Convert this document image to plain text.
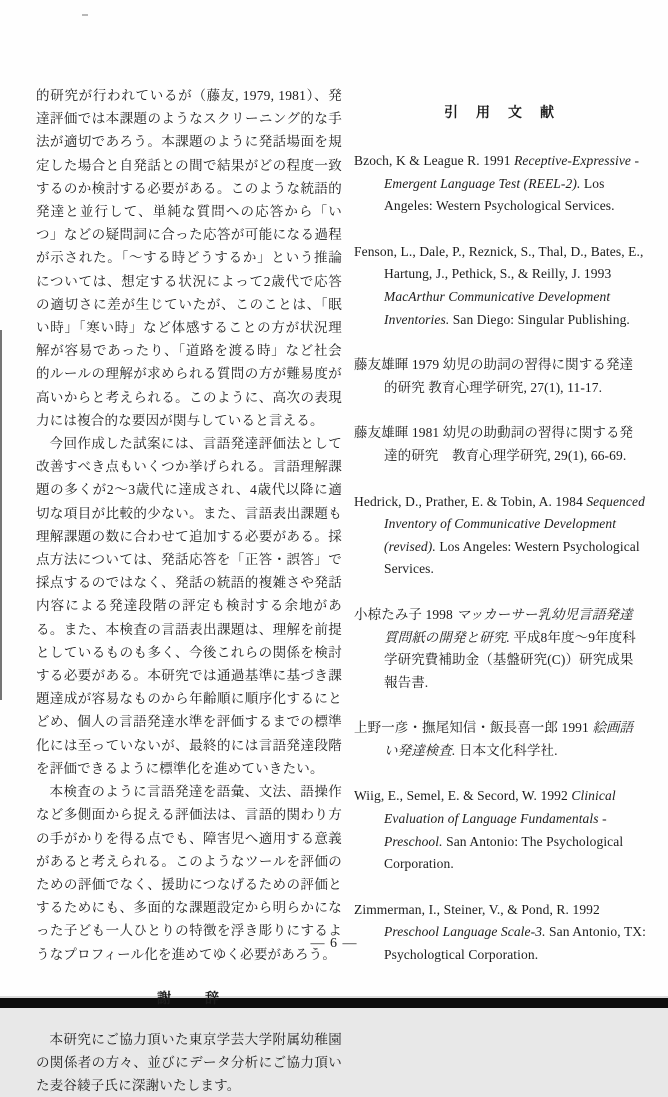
的研究が行われているが（藤友, 1979, 1981）、発達評価では本課題のようなスクリーニング的な手法が適切であろう。本課題のように発話場面を規定した場合と自発話との間で結果がどの程度一致するのか検討する必要がある。このような統語的発達と並行して、単純な質問への応答から「いつ」などの疑問詞に合った応答が可能になる過程が示された。「～する時どうするか」という推論については、想定する状況によって2歳代で応答の適切さに差が生じていたが、このことは、「眠い時」「寒い時」など体感することの方が状況理解が容易であったり、「道路を渡る時」など社会的ルールの理解が求められる質問の方が難易度が高いからと考えられる。このように、高次の表現力には複合的な要因が関与していると言える。

今回作成した試案には、言語発達評価法として改善すべき点もいくつか挙げられる。言語理解課題の多くが2～3歳代に達成され、4歳代以降に適切な項目が比較的少ない。また、言語表出課題も理解課題の数に合わせて追加する必要がある。採点方法については、発話応答を「正答・誤答」で採点するのではなく、発話の統語的複雑さや発話内容による発達段階の評定も検討する余地がある。また、本検査の言語表出課題は、理解を前提としているものも多く、今後これらの関係を検討する必要がある。本研究では通過基準に基づき課題達成が容易なものから年齢順に順序化するにとどめ、個人の言語発達水準を評価するまでの標準化には至っていないが、最終的には言語発達段階を評価できるように標準化を進めていきたい。

本検査のように言語発達を語彙、文法、語操作など多側面から捉える評価法は、言語的関わり方の手がかりを得る点でも、障害児へ適用する意義があると考えられる。このようなツールを評価のための評価でなく、援助につなげるための評価とするためにも、多面的な課題設定から明らかになった子ども一人ひとりの特徴を浮き彫りにするようなプロフィール化を進めてゆく必要があろう。

謝　　辞

本研究にご協力頂いた東京学芸大学附属幼稚園の関係者の方々、並びにデータ分析にご協力頂いた麦谷綾子氏に深謝いたします。

引　用　文　献

Bzoch, K & League R. 1991 Receptive-Expressive -Emergent Language Test (REEL-2). Los Angeles: Western Psychological Services.

Fenson, L., Dale, P., Reznick, S., Thal, D., Bates, E., Hartung, J., Pethick, S., & Reilly, J. 1993 MacArthur Communicative Development Inventories. San Diego: Singular Publishing.

藤友雄暉 1979 幼児の助詞の習得に関する発達的研究 教育心理学研究, 27(1), 11-17.

藤友雄暉 1981 幼児の助動詞の習得に関する発達的研究　教育心理学研究, 29(1), 66-69.

Hedrick, D., Prather, E. & Tobin, A. 1984 Sequenced Inventory of Communicative Development (revised). Los Angeles: Western Psychological Services.

小椋たみ子 1998 マッカーサー乳幼児言語発達質問紙の開発と研究. 平成8年度～9年度科学研究費補助金（基盤研究(C)）研究成果報告書.

上野一彦・撫尾知信・飯長喜一郎 1991 絵画語い発達検査. 日本文化科学社.

Wiig, E., Semel, E. & Secord, W. 1992 Clinical Evaluation of Language Fundamentals -Preschool. San Antonio: The Psychological Corporation.

Zimmerman, I., Steiner, V., & Pond, R. 1992 Preschool Language Scale-3. San Antonio, TX: Psychologtical Corporation.

— 6 —
